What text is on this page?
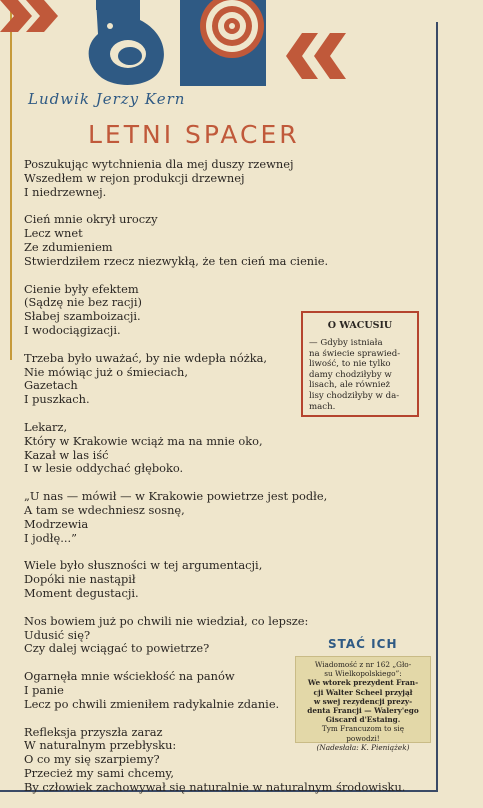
Ludwik Jerzy Kern
LETNI SPACER
Poszukując wytchnienia dla mej duszy rzewnej
Wszedłem w rejon produkcji drzewnej
I niedrzewnej.
Cień mnie okrył uroczy
Lecz wnet
Ze zdumieniem
Stwierdziłem rzecz niezwykłą, że ten cień ma cienie.
Cienie były efektem
(Sądzę nie bez racji)
Słabej szamboizacji.
I wodociągizacji.
Trzeba było uważać, by nie wdepła nóżka,
Nie mówiąc już o śmieciach,
Gazetach
I puszkach.
Lekarz,
Który w Krakowie wciąż ma na mnie oko,
Kazał w las iść
I w lesie oddychać głęboko.
„U nas — mówił — w Krakowie powietrze jest podłe,
A tam se wdechniesz sosnę,
Modrzewia
I jodłę...”
Wiele było słuszności w tej argumentacji,
Dopóki nie nastąpił
Moment degustacji.
Nos bowiem już po chwili nie wiedział, co lepsze:
Udusić się?
Czy dalej wciągać to powietrze?
Ogarnęła mnie wściekłość na panów
I panie
Lecz po chwili zmieniłem radykalnie zdanie.
Refleksja przyszła zaraz
W naturalnym przebłysku:
O co my się szarpiemy?
Przecież my sami chcemy,
By człowiek zachowywał się naturalnie w naturalnym środowisku.
O WACUSIU
— Gdyby istniała
na świecie sprawied-
liwość, to nie tylko
damy chodziłyby w
lisach, ale również
lisy chodziłyby w da-
mach.
STAĆ ICH
Wiadomość z nr 162 „Gło-
su Wielkopolskiego”:
We wtorek prezydent Fran-
cji Walter Scheel przyjął
w swej rezydencji prezy-
denta Francji — Walery'ego
Giscard d'Estaing.
Tym Francuzom to się
powodzi!
(Nadesłała: K. Pieniążek)
